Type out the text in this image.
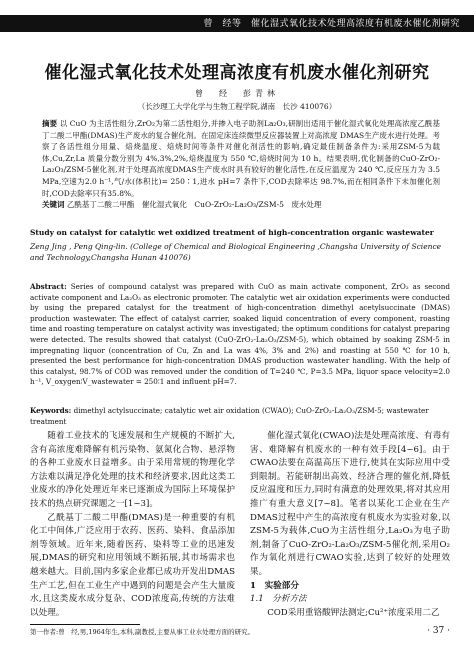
曾　经等　催化湿式氧化技术处理高浓度有机废水催化剂研究
催化湿式氧化技术处理高浓度有机废水催化剂研究
曾　经　彭青林
（长沙理工大学化学与生物工程学院,湖南　长沙 410076）
摘要 以 CuO 为主活性组分,ZrO₂为第二活性组分,并掺入电子助剂La₂O₃,研制出适用于催化湿式氧化处理高浓度乙酰基丁二酸二甲酯(DMAS)生产废水的复合催化剂。在固定床连续微型反应器装置上对高浓度 DMAS生产废水进行处理。考察了各活性组分用量、焙烧温度、焙烧时间等条件对催化剂活性的影响,确定最佳制备条件为:采用ZSM-5为载体,Cu,Zr,La 质量分数分别为 4%,3%,2%,焙烧温度为 550 ℃,焙烧时间为 10 h。结果表明,优化制备的CuO-ZrO₂-La₂O₃/ZSM-5催化剂,对于处理高浓度DMAS生产废水时具有较好的催化活性,在反应温度为 240 ℃,反应压力为 3.5 MPa,空速为2.0 h⁻¹,气/水(体积比)= 250∶1,进水 pH=7 条件下,COD去除率达 98.7%,而在相同条件下未加催化剂时,COD去除率只有35.8%。
关键词 乙酰基丁二酸二甲酯　催化湿式氧化　CuO-ZrO₂-La₂O₃/ZSM-5　废水处理
Study on catalyst for catalytic wet oxidized treatment of high-concentration organic wastewater
Zeng Jing , Peng Qing-lin. (College of Chemical and Biological Engineering ,Changsha University of Science and Technology,Changsha Hunan 410076)
Abstract: Series of compound catalyst was prepared with CuO as main activate component, ZrO₂ as second activate component and La₂O₃ as electronic promoter. The catalytic wet air oxidation experiments were conducted by using the prepared catalyst for the treatment of high-concentration dimethyl acetylsuccinate (DMAS) production wastewater. The effect of catalyst carrier, soaked liquid concentration of every component, roasting time and roasting temperature on catalyst activity was investigated; the optimum conditions for catalyst preparing were detected. The results showed that catalyst (CuO-ZrO₂-La₂O₃/ZSM-5), which obtained by soaking ZSM-5 in impregnating liquor (concentration of Cu, Zn and La was 4%, 3% and 2%) and roasting at 550 ℃ for 10 h, presented the best performance for high-concentration DMAS production wastewater handling. With the help of this catalyst, 98.7% of COD was removed under the condition of T=240 ℃, P=3.5 MPa, liquor space velocity=2.0 h⁻¹, V_oxygen∶V_wastewater = 250∶1 and influent pH=7.
Keywords: dimethyl actylsuccinate; catalytic wet air oxidation (CWAO); CuO-ZrO₂-La₂O₃/ZSM-5; wastewater treatment

随着工业技术的飞速发展和生产规模的不断扩大,含有高浓度难降解有机污染物、氨氮化合物、悬浮物的各种工业废水日益增多。由于采用常规的物理化学方法难以满足净化处理的技术和经济要求,因此这类工业废水的净化处理近年来已逐渐成为国际上环境保护技术的热点研究课题之一[1~3]。

乙酰基丁二酸二甲酯(DMAS)是一种重要的有机化工中间体,广泛应用于农药、医药、染料、食品添加剂等领域。近年来,随着医药、染料等工业的迅速发展,DMAS的研究和应用领域不断拓展,其市场需求也越来越大。目前,国内多家企业都已成功开发出DMAS生产工艺,但在工业生产中遇到的问题是会产生大量废水,且这类废水成分复杂、COD浓度高,传统的方法难以处理。

催化湿式氧化(CWAO)法是处理高浓度、有毒有害、难降解有机废水的一种有效手段[4~6]。由于CWAO法要在高温高压下进行,使其在实际应用中受到限制。若能研制出高效、经济合理的催化剂,降低反应温度和压力,同时有满意的处理效果,将对其应用推广有重大意义[7~8]。笔者以某化工企业在生产DMAS过程中产生的高浓度有机废水为实验对象,以ZSM-5为载体,CuO为主活性组分,La₂O₃为电子助剂,制备了CuO-ZrO₂-La₂O₃/ZSM-5催化剂,采用O₂作为氧化剂进行CWAO实验,达到了较好的处理效果。

1　实验部分

1.1　分析方法

COD采用重铬酸钾法测定;Cu²⁺浓度采用二乙

第一作者:曾　经,男,1964年生,本科,副教授,主要从事工业水处理方面的研究。	· 37 ·
